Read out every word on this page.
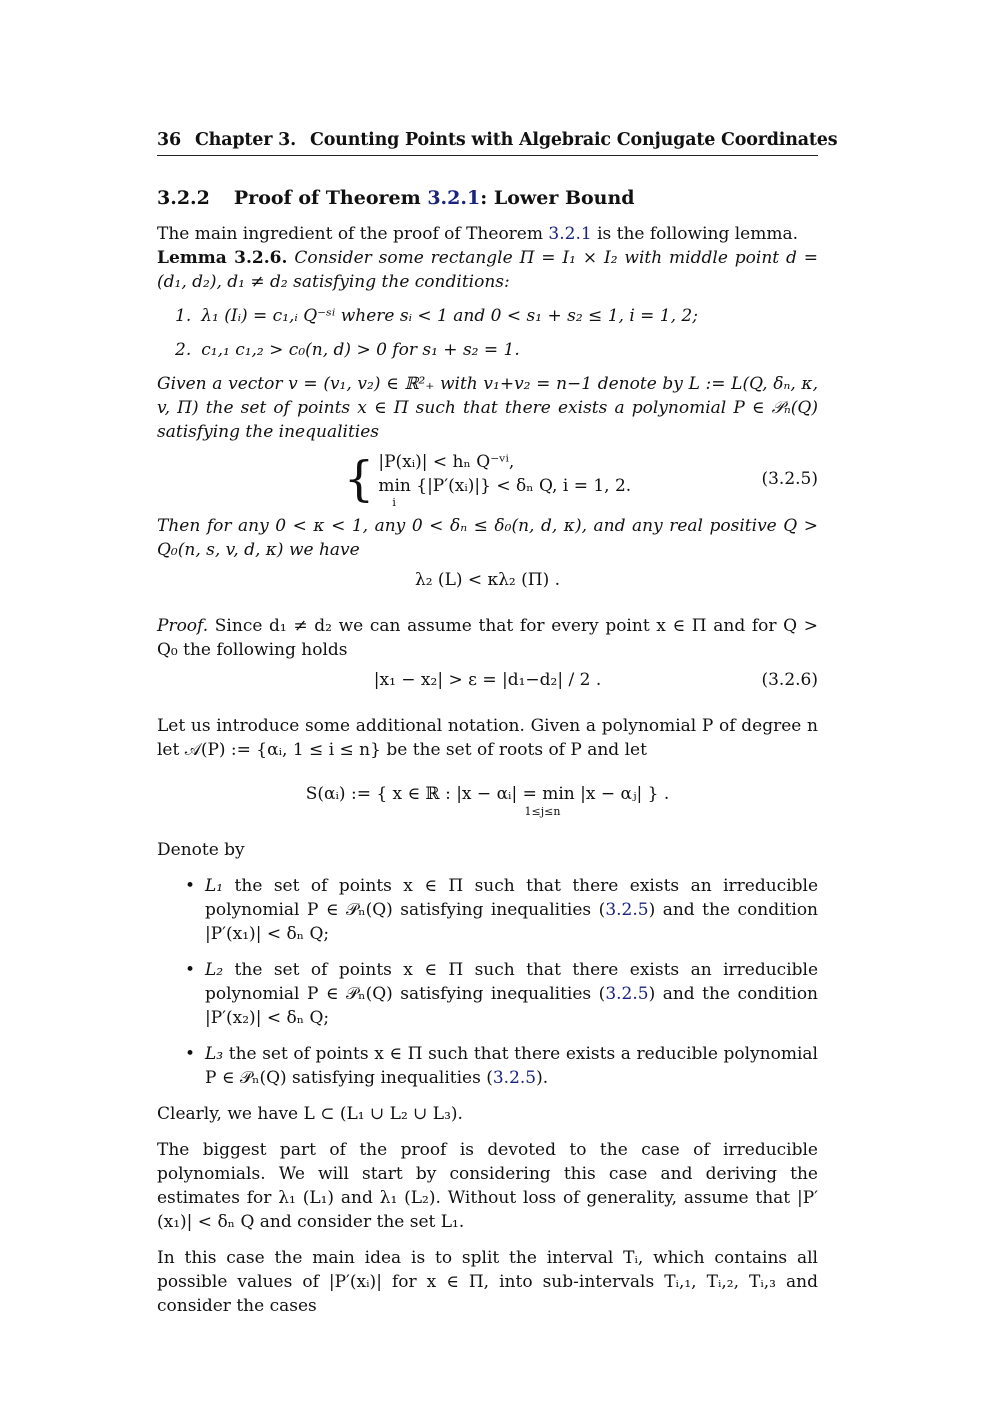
36 Chapter 3. Counting Points with Algebraic Conjugate Coordinates
3.2.2 Proof of Theorem 3.2.1: Lower Bound

The main ingredient of the proof of Theorem 3.2.1 is the following lemma.

Lemma 3.2.6. Consider some rectangle Π = I₁ × I₂ with middle point d = (d₁, d₂), d₁ ≠ d₂ satisfying the conditions:

1. λ₁ (Iᵢ) = c₁,ᵢ Q⁻ˢⁱ where sᵢ < 1 and 0 < s₁ + s₂ ≤ 1, i = 1, 2;
2. c₁,₁ c₁,₂ > c₀(n, d) > 0 for s₁ + s₂ = 1.

Given a vector v = (v₁, v₂) ∈ ℝ²₊ with v₁+v₂ = n−1 denote by L := L(Q, δₙ, κ, v, Π) the set of points x ∈ Π such that there exists a polynomial P ∈ 𝒫ₙ(Q) satisfying the inequalities

{ |P(xᵢ)| < hₙ Q⁻ᵛⁱ,
min {|P′(xᵢ)|} < δₙ Q, i = 1, 2.
i
(3.2.5)

Then for any 0 < κ < 1, any 0 < δₙ ≤ δ₀(n, d, κ), and any real positive Q > Q₀(n, s, v, d, κ) we have

λ₂ (L) < κλ₂ (Π) .

Proof. Since d₁ ≠ d₂ we can assume that for every point x ∈ Π and for Q > Q₀ the following holds

|x₁ − x₂| > ε = |d₁−d₂| / 2 .	(3.2.6)

Let us introduce some additional notation. Given a polynomial P of degree n let 𝒜(P) := {αᵢ, 1 ≤ i ≤ n} be the set of roots of P and let

S(αᵢ) := { x ∈ ℝ : |x − αᵢ| = min |x − αⱼ| } .
1≤j≤n

Denote by

• L₁ the set of points x ∈ Π such that there exists an irreducible polynomial P ∈ 𝒫ₙ(Q) satisfying inequalities (3.2.5) and the condition |P′(x₁)| < δₙ Q;
• L₂ the set of points x ∈ Π such that there exists an irreducible polynomial P ∈ 𝒫ₙ(Q) satisfying inequalities (3.2.5) and the condition |P′(x₂)| < δₙ Q;
• L₃ the set of points x ∈ Π such that there exists a reducible polynomial P ∈ 𝒫ₙ(Q) satisfying inequalities (3.2.5).

Clearly, we have L ⊂ (L₁ ∪ L₂ ∪ L₃).

The biggest part of the proof is devoted to the case of irreducible polynomials. We will start by considering this case and deriving the estimates for λ₁ (L₁) and λ₁ (L₂). Without loss of generality, assume that |P′(x₁)| < δₙ Q and consider the set L₁.

In this case the main idea is to split the interval Tᵢ, which contains all possible values of |P′(xᵢ)| for x ∈ Π, into sub-intervals Tᵢ,₁, Tᵢ,₂, Tᵢ,₃ and consider the cases
